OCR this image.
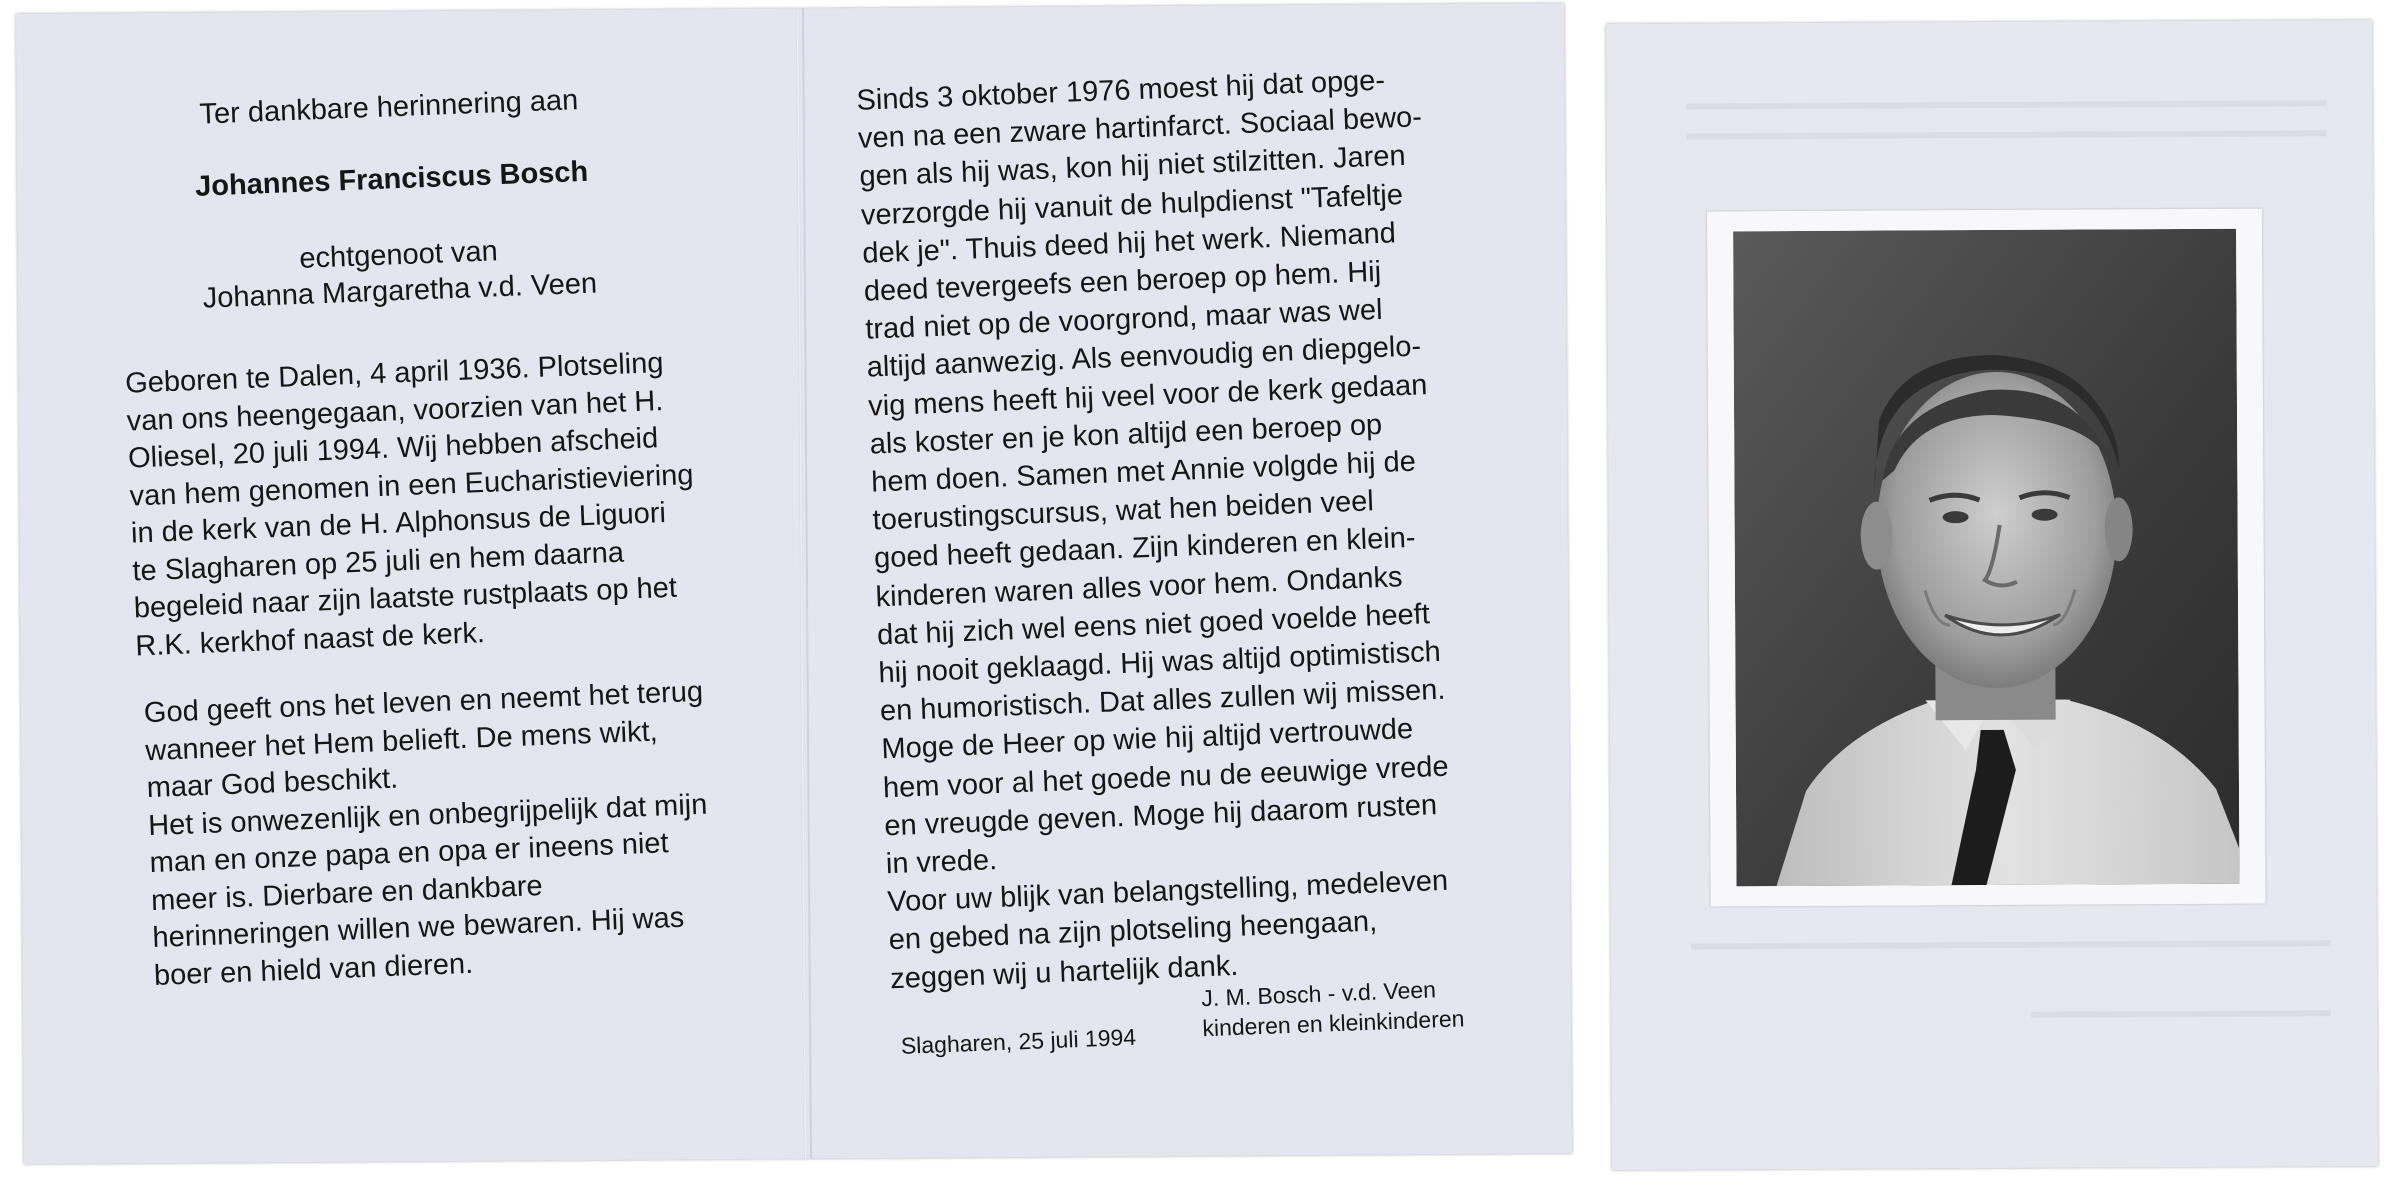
Ter dankbare herinnering aan
Johannes Franciscus Bosch
echtgenoot van
Johanna Margaretha v.d. Veen
Geboren te Dalen, 4 april 1936. Plotseling
van ons heengegaan, voorzien van het H.
Oliesel, 20 juli 1994. Wij hebben afscheid
van hem genomen in een Eucharistieviering
in de kerk van de H. Alphonsus de Liguori
te Slagharen op 25 juli en hem daarna
begeleid naar zijn laatste rustplaats op het
R.K. kerkhof naast de kerk.
God geeft ons het leven en neemt het terug
wanneer het Hem belieft. De mens wikt,
maar God beschikt.
Het is onwezenlijk en onbegrijpelijk dat mijn
man en onze papa en opa er ineens niet
meer is. Dierbare en dankbare
herinneringen willen we bewaren. Hij was
boer en hield van dieren.
Sinds 3 oktober 1976 moest hij dat opge-
ven na een zware hartinfarct. Sociaal bewo-
gen als hij was, kon hij niet stilzitten. Jaren
verzorgde hij vanuit de hulpdienst "Tafeltje
dek je". Thuis deed hij het werk. Niemand
deed tevergeefs een beroep op hem. Hij
trad niet op de voorgrond, maar was wel
altijd aanwezig. Als eenvoudig en diepgelo-
vig mens heeft hij veel voor de kerk gedaan
als koster en je kon altijd een beroep op
hem doen. Samen met Annie volgde hij de
toerustingscursus, wat hen beiden veel
goed heeft gedaan. Zijn kinderen en klein-
kinderen waren alles voor hem. Ondanks
dat hij zich wel eens niet goed voelde heeft
hij nooit geklaagd. Hij was altijd optimistisch
en humoristisch. Dat alles zullen wij missen.
Moge de Heer op wie hij altijd vertrouwde
hem voor al het goede nu de eeuwige vrede
en vreugde geven. Moge hij daarom rusten
in vrede.
Voor uw blijk van belangstelling, medeleven
en gebed na zijn plotseling heengaan,
zeggen wij u hartelijk dank.
Slagharen, 25 juli 1994
J. M. Bosch - v.d. Veen
kinderen en kleinkinderen
